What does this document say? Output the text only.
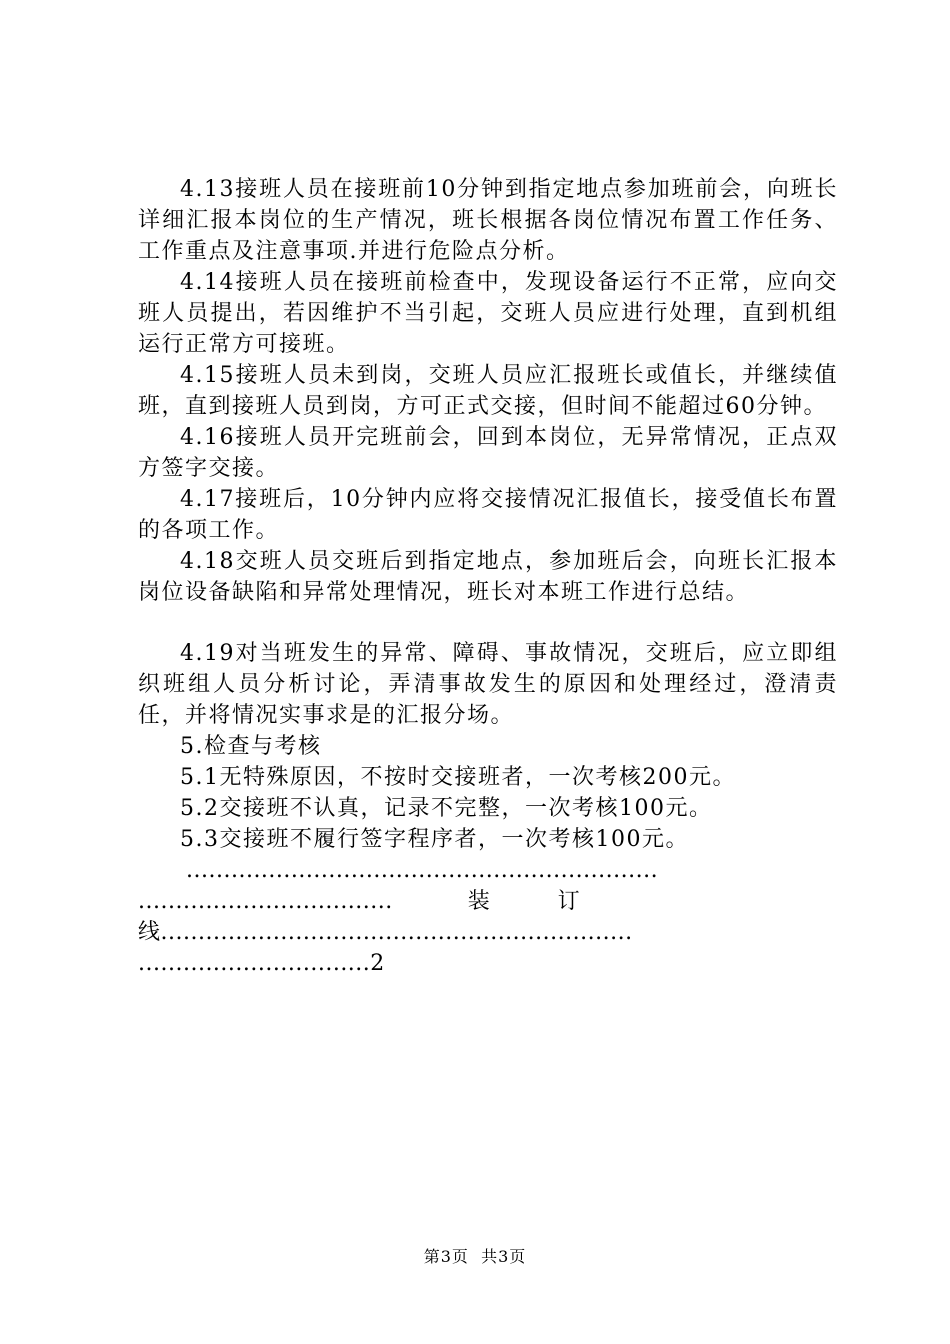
4.13接班人员在接班前10分钟到指定地点参加班前会，向班长详细汇报本岗位的生产情况，班长根据各岗位情况布置工作任务、工作重点及注意事项.并进行危险点分析。

4.14接班人员在接班前检查中，发现设备运行不正常，应向交班人员提出，若因维护不当引起，交班人员应进行处理，直到机组运行正常方可接班。

4.15接班人员未到岗，交班人员应汇报班长或值长，并继续值班，直到接班人员到岗，方可正式交接，但时间不能超过60分钟。

4.16接班人员开完班前会，回到本岗位，无异常情况，正点双方签字交接。

4.17接班后，10分钟内应将交接情况汇报值长，接受值长布置的各项工作。

4.18交班人员交班后到指定地点，参加班后会，向班长汇报本岗位设备缺陷和异常处理情况，班长对本班工作进行总结。

4.19对当班发生的异常、障碍、事故情况，交班后，应立即组织班组人员分析讨论，弄清事故发生的原因和处理经过，澄清责任，并将情况实事求是的汇报分场。

5.检查与考核

5.1无特殊原因，不按时交接班者，一次考核200元。

5.2交接班不认真，记录不完整，一次考核100元。

5.3交接班不履行签字程序者，一次考核100元。

...............................................................

..................................          装         订

线...............................................................

...............................2

第3页  共3页
